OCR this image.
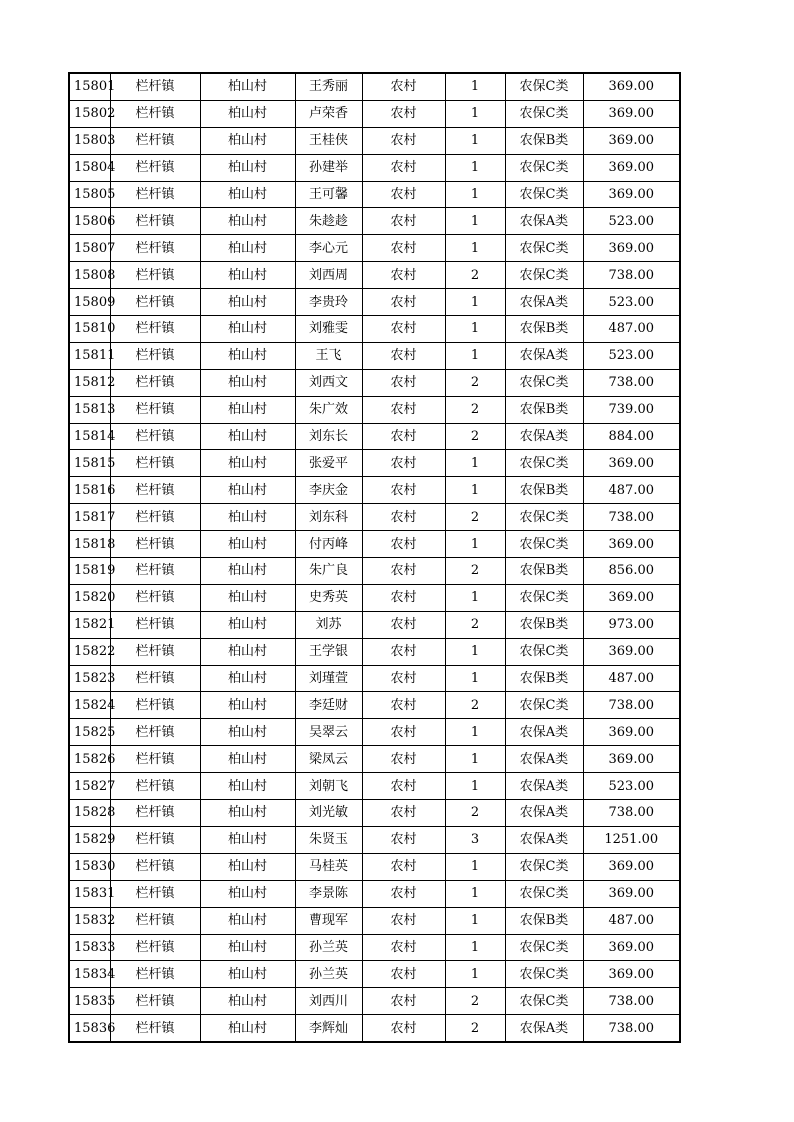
15801	栏杆镇	柏山村	王秀丽	农村	1	农保C类	369.00
15802	栏杆镇	柏山村	卢荣香	农村	1	农保C类	369.00
15803	栏杆镇	柏山村	王桂侠	农村	1	农保B类	369.00
15804	栏杆镇	柏山村	孙建举	农村	1	农保C类	369.00
15805	栏杆镇	柏山村	王可馨	农村	1	农保C类	369.00
15806	栏杆镇	柏山村	朱趁趁	农村	1	农保A类	523.00
15807	栏杆镇	柏山村	李心元	农村	1	农保C类	369.00
15808	栏杆镇	柏山村	刘西周	农村	2	农保C类	738.00
15809	栏杆镇	柏山村	李贵玲	农村	1	农保A类	523.00
15810	栏杆镇	柏山村	刘雅雯	农村	1	农保B类	487.00
15811	栏杆镇	柏山村	王飞	农村	1	农保A类	523.00
15812	栏杆镇	柏山村	刘西文	农村	2	农保C类	738.00
15813	栏杆镇	柏山村	朱广效	农村	2	农保B类	739.00
15814	栏杆镇	柏山村	刘东长	农村	2	农保A类	884.00
15815	栏杆镇	柏山村	张爱平	农村	1	农保C类	369.00
15816	栏杆镇	柏山村	李庆金	农村	1	农保B类	487.00
15817	栏杆镇	柏山村	刘东科	农村	2	农保C类	738.00
15818	栏杆镇	柏山村	付丙峰	农村	1	农保C类	369.00
15819	栏杆镇	柏山村	朱广良	农村	2	农保B类	856.00
15820	栏杆镇	柏山村	史秀英	农村	1	农保C类	369.00
15821	栏杆镇	柏山村	刘苏	农村	2	农保B类	973.00
15822	栏杆镇	柏山村	王学银	农村	1	农保C类	369.00
15823	栏杆镇	柏山村	刘瑾萱	农村	1	农保B类	487.00
15824	栏杆镇	柏山村	李廷财	农村	2	农保C类	738.00
15825	栏杆镇	柏山村	吴翠云	农村	1	农保A类	369.00
15826	栏杆镇	柏山村	梁凤云	农村	1	农保A类	369.00
15827	栏杆镇	柏山村	刘朝飞	农村	1	农保A类	523.00
15828	栏杆镇	柏山村	刘光敏	农村	2	农保A类	738.00
15829	栏杆镇	柏山村	朱贤玉	农村	3	农保A类	1251.00
15830	栏杆镇	柏山村	马桂英	农村	1	农保C类	369.00
15831	栏杆镇	柏山村	李景陈	农村	1	农保C类	369.00
15832	栏杆镇	柏山村	曹现军	农村	1	农保B类	487.00
15833	栏杆镇	柏山村	孙兰英	农村	1	农保C类	369.00
15834	栏杆镇	柏山村	孙兰英	农村	1	农保C类	369.00
15835	栏杆镇	柏山村	刘西川	农村	2	农保C类	738.00
15836	栏杆镇	柏山村	李辉灿	农村	2	农保A类	738.00
